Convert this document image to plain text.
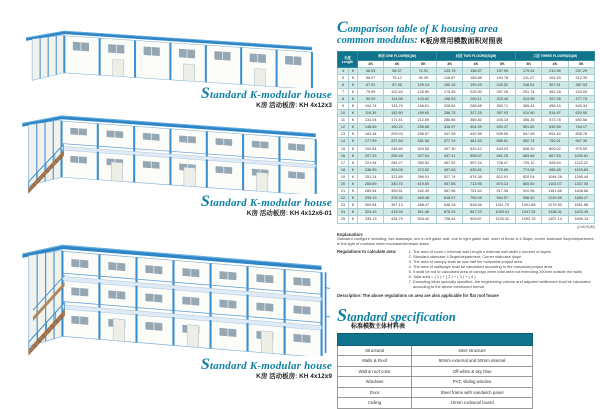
Standard K-modular house
K房 活动板房: KH 4x12x3
Standard K-modular house
K房 活动板房: KH 4x12x6-01
Standard K-modular house
K房 活动板房: KH 4x12x9
Comparison table of K housing area
common modulus: K板房常用模数面积对照表
长度 Length		单层 ONE FLOOR(SQM)			双层 TWO FLOORS(SQM)			三层 THREE FLOORS(SQM)		
		3K	4K	5K	3K	4K	5K	3K	4K	5K
4	K	46.53	58.37	72.91	103.76	136.87	157.05	179.04	210.96	257.29
5	K	56.07	75.12	90.39	126.87	165.88	194.78	211.27	261.93	312.39
6	K	67.51	87.36	109.14	150.16	190.49	230.52	248.51	307.51	367.93
7	K	79.95	102.40	125.80	179.35	225.90	267.26	291.74	352.18	423.05
8	K	90.09	114.98	143.62	196.53	250.11	303.49	319.98	397.35	477.73
9	K	104.74	133.79	166.61	226.64	288.68	350.71	365.44	456.16	549.34
10	K	119.39	152.60	189.60	256.75	327.25	397.93	410.90	514.97	620.95
11	K	134.04	171.41	212.59	286.86	365.82	445.15	456.36	573.78	692.56
12	K	148.69	190.22	235.58	316.97	404.39	492.37	501.82	632.59	764.17
13	K	163.34	209.03	258.57	347.08	442.96	539.59	547.28	691.40	835.78
14	K	177.99	227.84	281.56	377.19	481.53	586.81	592.74	750.21	907.39
15	K	192.64	246.65	304.55	407.30	520.10	634.03	638.20	809.02	979.00
16	K	207.29	265.46	327.54	437.41	558.67	681.25	683.66	867.83	1050.61
17	K	221.94	284.27	350.53	467.52	597.24	728.47	729.12	926.64	1122.22
18	K	236.59	303.08	373.52	497.63	635.81	775.69	774.58	985.45	1193.83
19	K	251.24	321.89	396.51	527.74	674.38	822.91	820.04	1044.26	1265.44
20	K	265.89	340.70	419.50	557.85	712.95	870.13	865.50	1103.07	1337.05
21	K	280.54	359.51	442.49	587.96	751.52	917.35	910.96	1161.88	1408.66
22	K	295.19	378.32	465.48	618.07	790.09	964.57	956.42	1220.69	1480.27
23	K	309.84	397.13	488.47	648.18	828.66	1011.79	1001.88	1279.50	1551.88
24	K	324.49	415.94	511.46	678.29	867.23	1059.01	1047.34	1338.31	1623.49
25	K	339.13	434.79	534.40	708.44	905.87	1106.30	1092.76	1397.14	1695.13
(Unit:SQM)
Explanation:
Standard configure including: two stairways, one in left gable wall, one in right gable wall, each of those is 4.5sqm; corner staircase 4sqm/department; In the light of modulus when increase/decrease stairs
Regulations to calculate area:	1. The area of room = external wall Length x external wall width x number of layers
2. Standard staircase 4.5sqm/department; Corner staircase 4sqm
3. The area of canopy shall be one half the horizontal project area
4. The area of walkways shall be calculated according to the horizontal project area
5. It shall be not to calculated area of canopy when total area not extending 200mm outside the walls
6. Total area = ( 1 ) + ( 2 ) + ( 3 ) + ( 4 )
7. Excepting other specially specified, the engineering volume and adjusted settlement shall be calculated according to the above mentioned format.
Description: The above regulations on area are also applicable for flat roof house
Standard specification
标准模数主体材料表

Structural	steel structure
Walls & Roof	50mm external and 50mm internal
Wall & roof color	Off-white & sky blue
Windows	PVC sliding window
Door	Steel frame with sandwich panel
Ceiling	10mm rockwool board
